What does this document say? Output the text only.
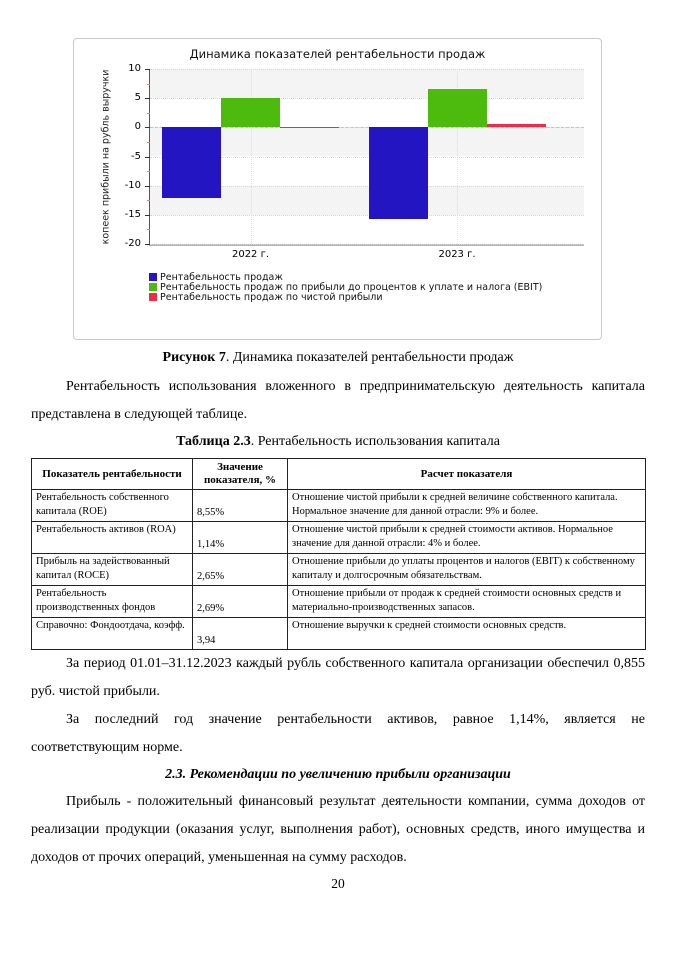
Динамика показателей рентабельности продаж
копеек прибыли на рубль выручки
10
5
0
-5
-10
-15
-20
2022 г.	2023 г.
Рентабельность продаж
Рентабельность продаж по прибыли до процентов к уплате и налога (EBIT)
Рентабельность продаж по чистой прибыли
Рисунок 7. Динамика показателей рентабельности продаж

Рентабельность использования вложенного в предпринимательскую деятельность капитала представлена в следующей таблице.

Таблица 2.3. Рентабельность использования капитала
Показатель рентабельности	Значение показателя, %	Расчет показателя
Рентабельность собственного капитала (ROE)	8,55%	Отношение чистой прибыли к средней величине собственного капитала. Нормальное значение для данной отрасли: 9% и более.
Рентабельность активов (ROA)	1,14%	Отношение чистой прибыли к средней стоимости активов. Нормальное значение для данной отрасли: 4% и более.
Прибыль на задействованный капитал (ROCE)	2,65%	Отношение прибыли до уплаты процентов и налогов (EBIT) к собственному капиталу и долгосрочным обязательствам.
Рентабельность производственных фондов	2,69%	Отношение прибыли от продаж к средней стоимости основных средств и материально-производственных запасов.
Справочно: Фондоотдача, коэфф.	3,94	Отношение выручки к средней стоимости основных средств.

За период 01.01–31.12.2023 каждый рубль собственного капитала организации обеспечил 0,855 руб. чистой прибыли.

За последний год значение рентабельности активов, равное 1,14%, является не соответствующим норме.

2.3. Рекомендации по увеличению прибыли организации

Прибыль - положительный финансовый результат деятельности компании, сумма доходов от реализации продукции (оказания услуг, выполнения работ), основных средств, иного имущества и доходов от прочих операций, уменьшенная на сумму расходов.

20
